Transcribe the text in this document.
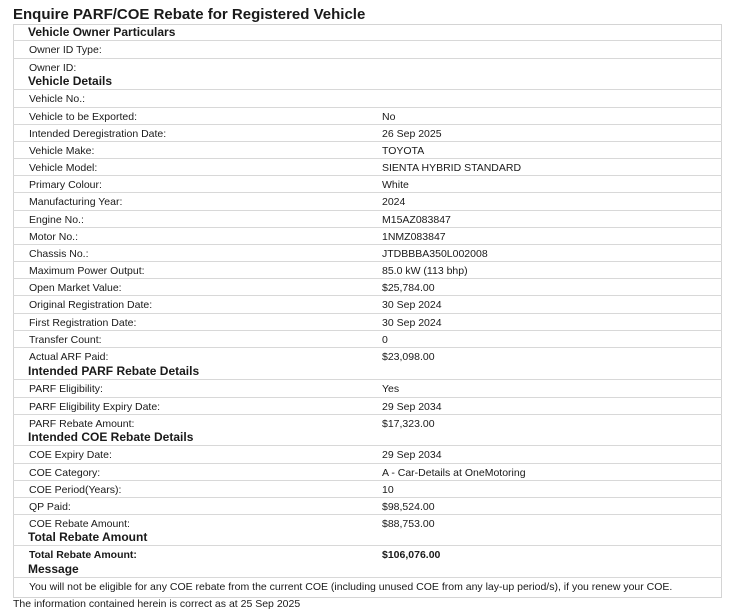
Enquire PARF/COE Rebate for Registered Vehicle
Vehicle Owner Particulars
Owner ID Type:
Owner ID:
Vehicle Details
Vehicle No.:
Vehicle to be Exported:	No
Intended Deregistration Date:	26 Sep 2025
Vehicle Make:	TOYOTA
Vehicle Model:	SIENTA HYBRID STANDARD
Primary Colour:	White
Manufacturing Year:	2024
Engine No.:	M15AZ083847
Motor No.:	1NMZ083847
Chassis No.:	JTDBBBA350L002008
Maximum Power Output:	85.0 kW (113 bhp)
Open Market Value:	$25,784.00
Original Registration Date:	30 Sep 2024
First Registration Date:	30 Sep 2024
Transfer Count:	0
Actual ARF Paid:	$23,098.00
Intended PARF Rebate Details
PARF Eligibility:	Yes
PARF Eligibility Expiry Date:	29 Sep 2034
PARF Rebate Amount:	$17,323.00
Intended COE Rebate Details
COE Expiry Date:	29 Sep 2034
COE Category:	A - Car-Details at OneMotoring
COE Period(Years):	10
QP Paid:	$98,524.00
COE Rebate Amount:	$88,753.00
Total Rebate Amount
Total Rebate Amount:	$106,076.00
Message
You will not be eligible for any COE rebate from the current COE (including unused COE from any lay-up period/s), if you renew your COE.
The information contained herein is correct as at 25 Sep 2025
